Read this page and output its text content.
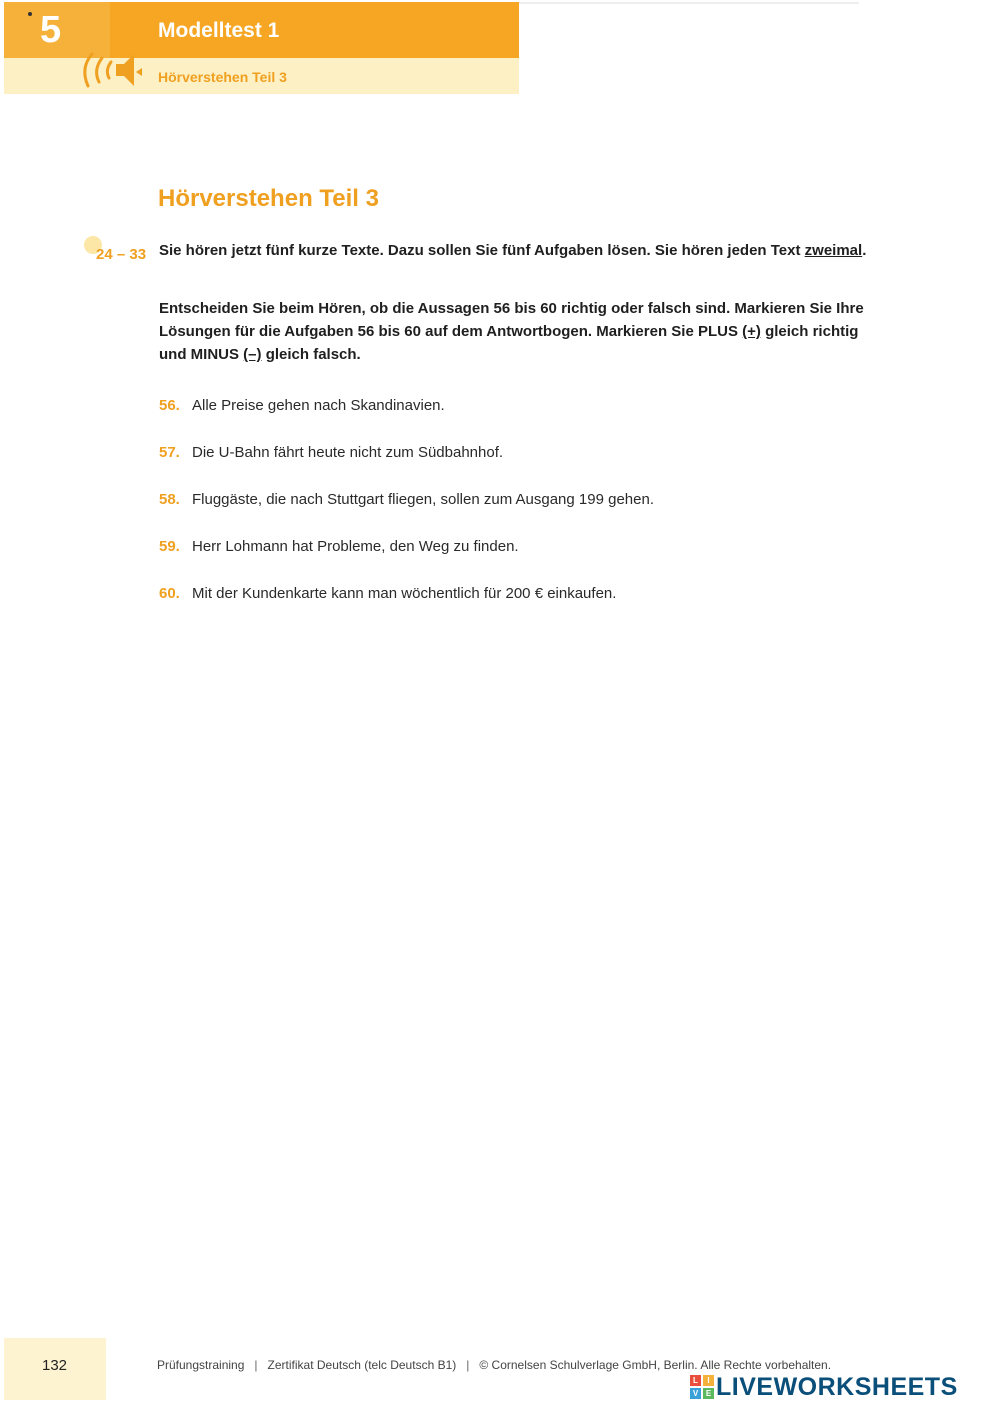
5	Modelltest 1
Hörverstehen Teil 3
Hörverstehen Teil 3
24 – 33 Sie hören jetzt fünf kurze Texte. Dazu sollen Sie fünf Aufgaben lösen. Sie hören jeden Text zweimal.
Entscheiden Sie beim Hören, ob die Aussagen 56 bis 60 richtig oder falsch sind. Markieren Sie Ihre Lösungen für die Aufgaben 56 bis 60 auf dem Antwortbogen. Markieren Sie PLUS (+) gleich richtig und MINUS (–) gleich falsch.
56. Alle Preise gehen nach Skandinavien.
57. Die U-Bahn fährt heute nicht zum Südbahnhof.
58. Fluggäste, die nach Stuttgart fliegen, sollen zum Ausgang 199 gehen.
59. Herr Lohmann hat Probleme, den Weg zu finden.
60. Mit der Kundenkarte kann man wöchentlich für 200 € einkaufen.
132	Prüfungstraining | Zertifikat Deutsch (telc Deutsch B1) | © Cornelsen Schulverlage GmbH, Berlin. Alle Rechte vorbehalten.
L	I
V E LIVEWORKSHEETS
